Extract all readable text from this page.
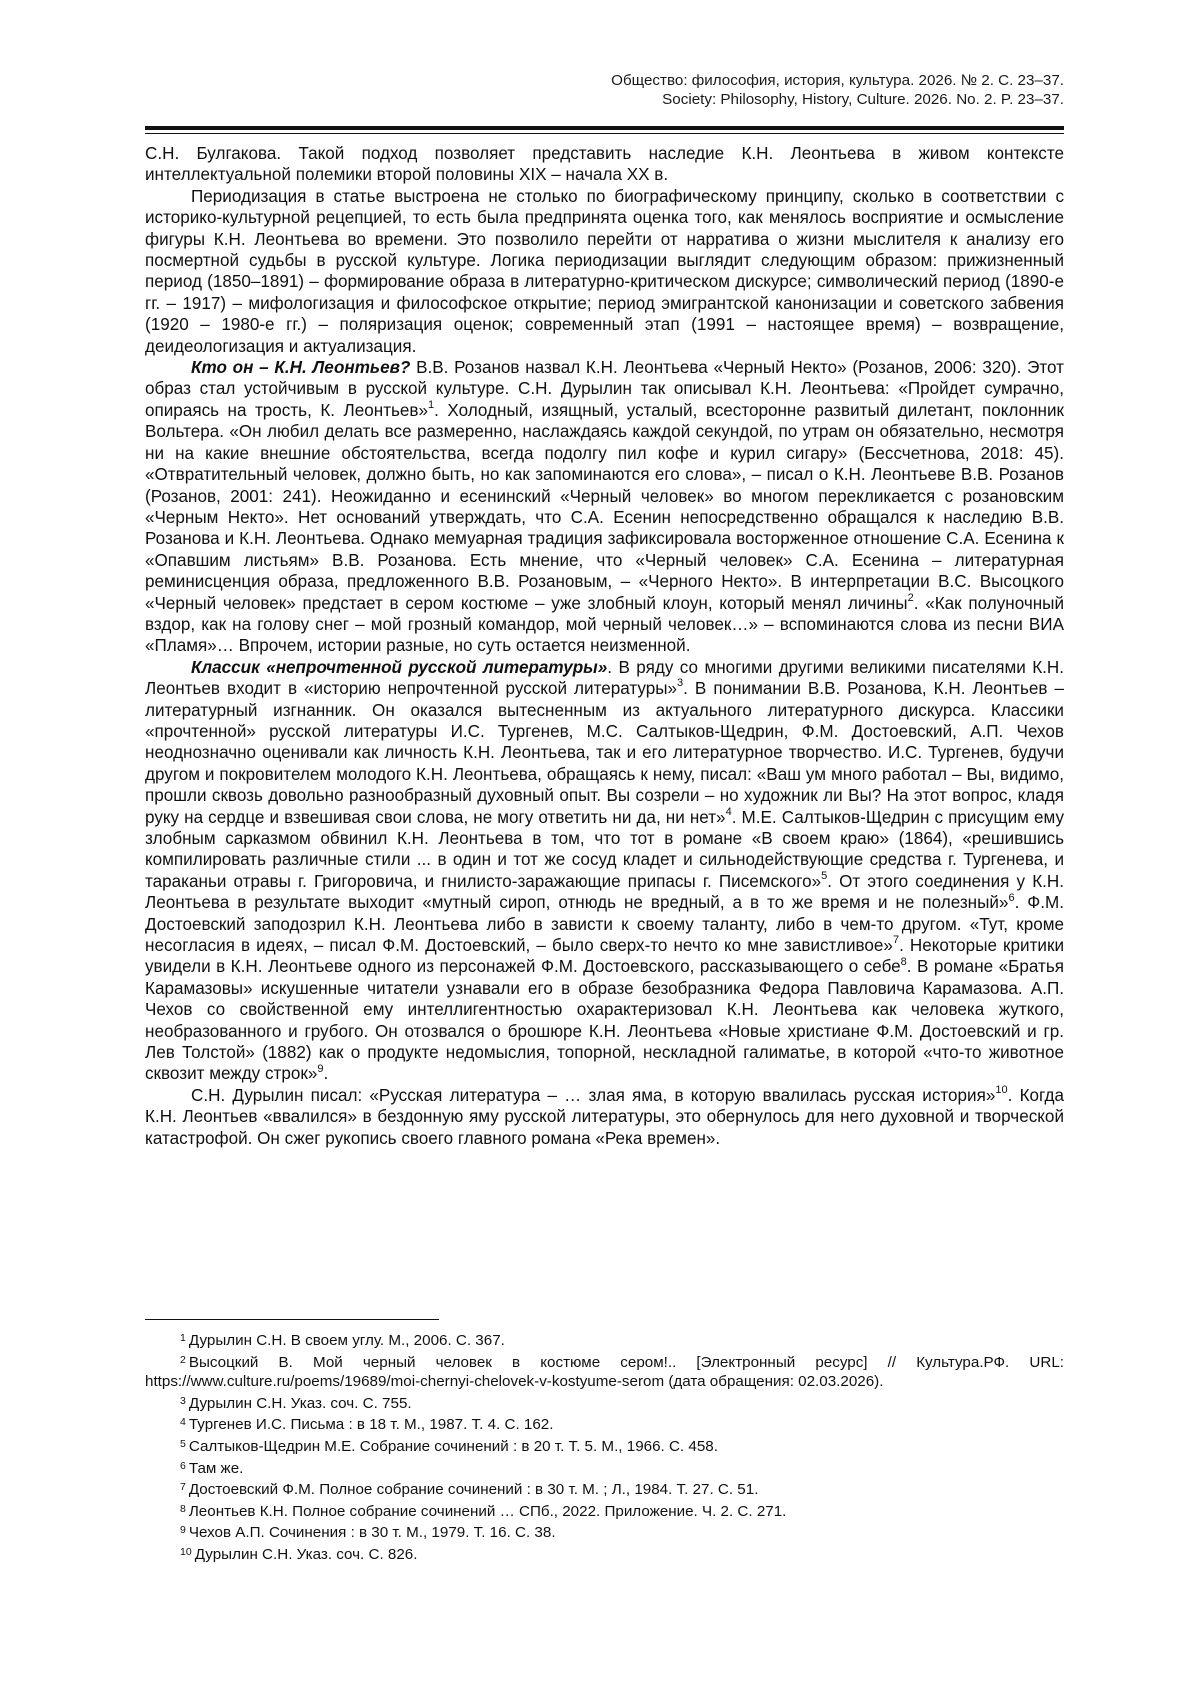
Общество: философия, история, культура. 2026. № 2. С. 23–37.
Society: Philosophy, History, Culture. 2026. No. 2. P. 23–37.

С.Н. Булгакова. Такой подход позволяет представить наследие К.Н. Леонтьева в живом контексте интеллектуальной полемики второй половины XIX – начала XX в.

Периодизация в статье выстроена не столько по биографическому принципу, сколько в соответствии с историко-культурной рецепцией, то есть была предпринята оценка того, как менялось восприятие и осмысление фигуры К.Н. Леонтьева во времени. Это позволило перейти от нарратива о жизни мыслителя к анализу его посмертной судьбы в русской культуре. Логика периодизации выглядит следующим образом: прижизненный период (1850–1891) – формирование образа в литературно-критическом дискурсе; символический период (1890-е гг. – 1917) – мифологизация и философское открытие; период эмигрантской канонизации и советского забвения (1920 – 1980-е гг.) – поляризация оценок; современный этап (1991 – настоящее время) – возвращение, деидеологизация и актуализация.

Кто он – К.Н. Леонтьев? В.В. Розанов назвал К.Н. Леонтьева «Черный Некто» (Розанов, 2006: 320). Этот образ стал устойчивым в русской культуре. С.Н. Дурылин так описывал К.Н. Леонтьева: «Пройдет сумрачно, опираясь на трость, К. Леонтьев»$^1$. Холодный, изящный, усталый, всесторонне развитый дилетант, поклонник Вольтера. «Он любил делать все размеренно, наслаждаясь каждой секундой, по утрам он обязательно, несмотря ни на какие внешние обстоятельства, всегда подолгу пил кофе и курил сигару» (Бессчетнова, 2018: 45). «Отвратительный человек, должно быть, но как запоминаются его слова», – писал о К.Н. Леонтьеве В.В. Розанов (Розанов, 2001: 241). Неожиданно и есенинский «Черный человек» во многом перекликается с розановским «Черным Некто». Нет оснований утверждать, что С.А. Есенин непосредственно обращался к наследию В.В. Розанова и К.Н. Леонтьева. Однако мемуарная традиция зафиксировала восторженное отношение С.А. Есенина к «Опавшим листьям» В.В. Розанова. Есть мнение, что «Черный человек» С.А. Есенина – литературная реминисценция образа, предложенного В.В. Розановым, – «Черного Некто». В интерпретации В.С. Высоцкого «Черный человек» предстает в сером костюме – уже злобный клоун, который менял личины$^2$. «Как полуночный вздор, как на голову снег – мой грозный командор, мой черный человек…» – вспоминаются слова из песни ВИА «Пламя»… Впрочем, истории разные, но суть остается неизменной.

Классик «непрочтенной русской литературы». В ряду со многими другими великими писателями К.Н. Леонтьев входит в «историю непрочтенной русской литературы»$^3$. В понимании В.В. Розанова, К.Н. Леонтьев – литературный изгнанник. Он оказался вытесненным из актуального литературного дискурса. Классики «прочтенной» русской литературы И.С. Тургенев, М.С. Салтыков-Щедрин, Ф.М. Достоевский, А.П. Чехов неоднозначно оценивали как личность К.Н. Леонтьева, так и его литературное творчество. И.С. Тургенев, будучи другом и покровителем молодого К.Н. Леонтьева, обращаясь к нему, писал: «Ваш ум много работал – Вы, видимо, прошли сквозь довольно разнообразный духовный опыт. Вы созрели – но художник ли Вы? На этот вопрос, кладя руку на сердце и взвешивая свои слова, не могу ответить ни да, ни нет»$^4$. М.Е. Салтыков-Щедрин с присущим ему злобным сарказмом обвинил К.Н. Леонтьева в том, что тот в романе «В своем краю» (1864), «решившись компилировать различные стили ... в один и тот же сосуд кладет и сильнодействующие средства г. Тургенева, и тараканьи отравы г. Григоровича, и гнилисто-заражающие припасы г. Писемского»$^5$. От этого соединения у К.Н. Леонтьева в результате выходит «мутный сироп, отнюдь не вредный, а в то же время и не полезный»$^6$. Ф.М. Достоевский заподозрил К.Н. Леонтьева либо в зависти к своему таланту, либо в чем-то другом. «Тут, кроме несогласия в идеях, – писал Ф.М. Достоевский, – было сверх-то нечто ко мне завистливое»$^7$. Некоторые критики увидели в К.Н. Леонтьеве одного из персонажей Ф.М. Достоевского, рассказывающего о себе$^8$. В романе «Братья Карамазовы» искушенные читатели узнавали его в образе безобразника Федора Павловича Карамазова. А.П. Чехов со свойственной ему интеллигентностью охарактеризовал К.Н. Леонтьева как человека жуткого, необразованного и грубого. Он отозвался о брошюре К.Н. Леонтьева «Новые христиане Ф.М. Достоевский и гр. Лев Толстой» (1882) как о продукте недомыслия, топорной, нескладной галиматье, в которой «что-то животное сквозит между строк»$^9$.

С.Н. Дурылин писал: «Русская литература – … злая яма, в которую ввалилась русская история»$^{10}$. Когда К.Н. Леонтьев «ввалился» в бездонную яму русской литературы, это обернулось для него духовной и творческой катастрофой. Он сжег рукопись своего главного романа «Река времен».

$^1$ Дурылин С.Н. В своем углу. М., 2006. С. 367.

$^2$ Высоцкий В. Мой черный человек в костюме сером!.. [Электронный ресурс] // Культура.РФ. URL: https://www.culture.ru/poems/19689/moi-chernyi-chelovek-v-kostyume-serom (дата обращения: 02.03.2026).

$^3$ Дурылин С.Н. Указ. соч. С. 755.

$^4$ Тургенев И.С. Письма : в 18 т. М., 1987. Т. 4. С. 162.

$^5$ Салтыков-Щедрин М.Е. Собрание сочинений : в 20 т. Т. 5. М., 1966. С. 458.

$^6$ Там же.

$^7$ Достоевский Ф.М. Полное собрание сочинений : в 30 т. М. ; Л., 1984. Т. 27. С. 51.

$^8$ Леонтьев К.Н. Полное собрание сочинений … СПб., 2022. Приложение. Ч. 2. С. 271.

$^9$ Чехов А.П. Сочинения : в 30 т. М., 1979. Т. 16. С. 38.

$^{10}$ Дурылин С.Н. Указ. соч. С. 826.
